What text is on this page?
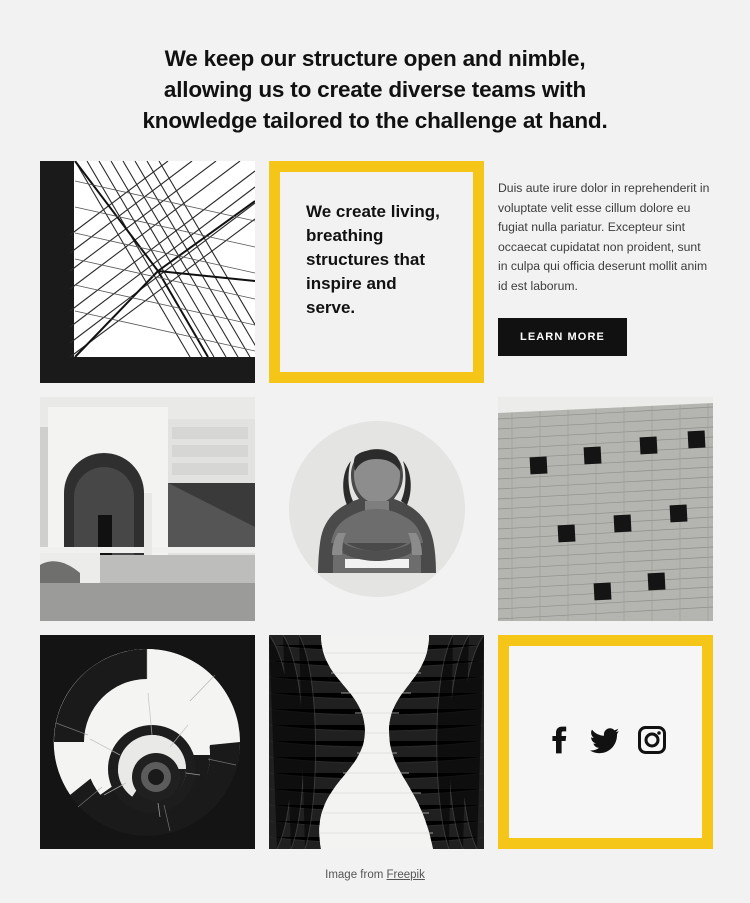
We keep our structure open and nimble, allowing us to create diverse teams with knowledge tailored to the challenge at hand.

We create living, breathing structures that inspire and serve.

Duis aute irure dolor in reprehenderit in voluptate velit esse cillum dolore eu fugiat nulla pariatur. Excepteur sint occaecat cupidatat non proident, sunt in culpa qui officia deserunt mollit anim id est laborum.

LEARN MORE
Image from Freepik
